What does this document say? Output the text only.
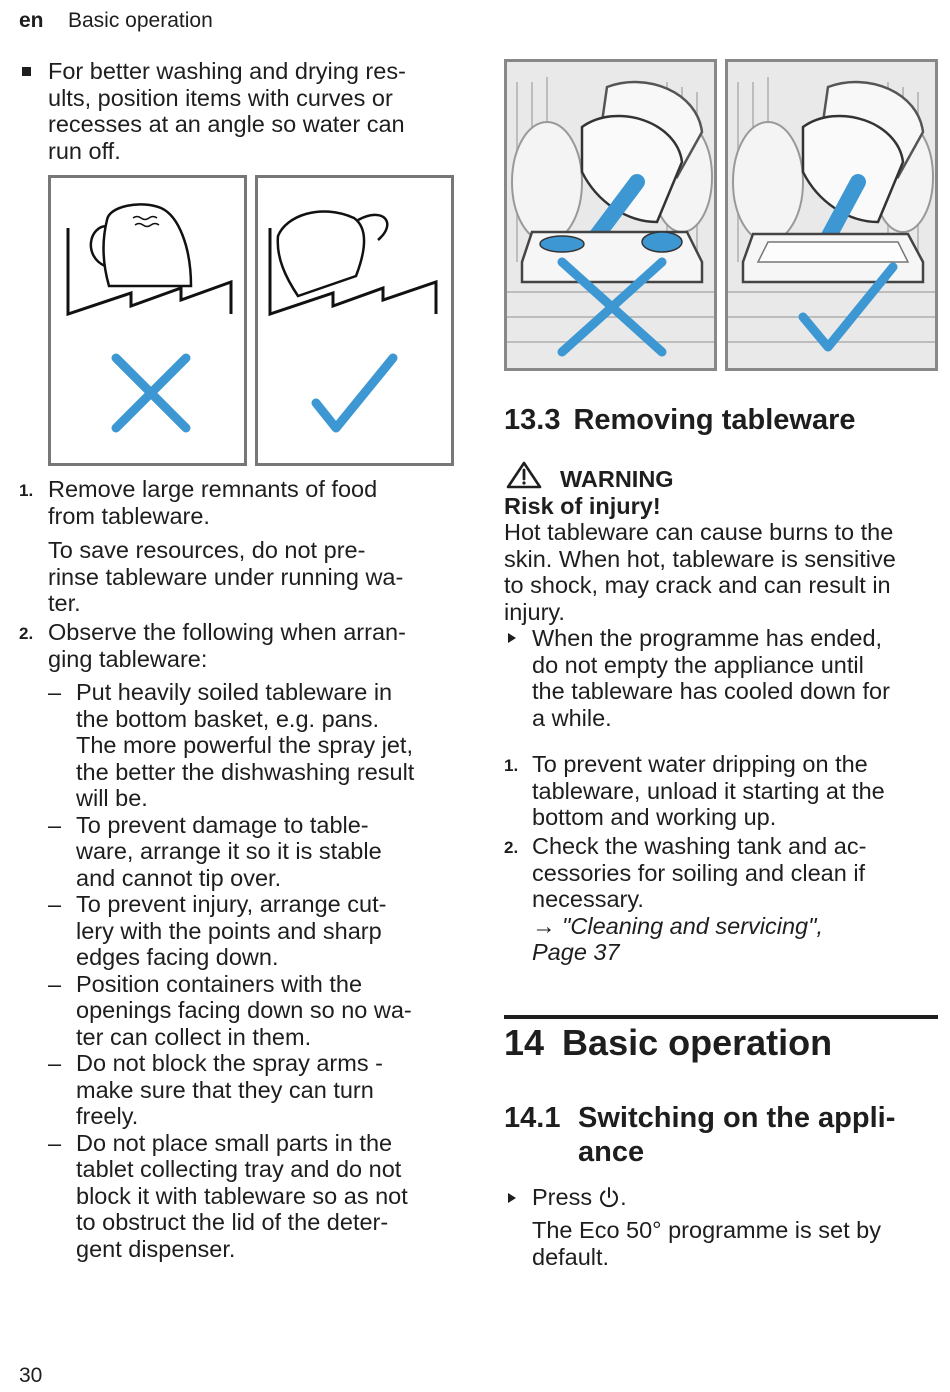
en Basic operation
For better washing and drying res-
ults, position items with curves or
recesses at an angle so water can
run off.
1. Remove large remnants of food
from tableware.
To save resources, do not pre-
rinse tableware under running wa-
ter.
2. Observe the following when arran-
ging tableware:
– Put heavily soiled tableware in
the bottom basket, e.g. pans.
The more powerful the spray jet,
the better the dishwashing result
will be.
– To prevent damage to table-
ware, arrange it so it is stable
and cannot tip over.
– To prevent injury, arrange cut-
lery with the points and sharp
edges facing down.
– Position containers with the
openings facing down so no wa-
ter can collect in them.
– Do not block the spray arms -
make sure that they can turn
freely.
– Do not place small parts in the
tablet collecting tray and do not
block it with tableware so as not
to obstruct the lid of the deter-
gent dispenser.
30
13.3 Removing tableware
WARNING
Risk of injury!
Hot tableware can cause burns to the
skin. When hot, tableware is sensitive
to shock, may crack and can result in
injury.
When the programme has ended,
do not empty the appliance until
the tableware has cooled down for
a while.
1. To prevent water dripping on the
tableware, unload it starting at the
bottom and working up.
2. Check the washing tank and ac-
cessories for soiling and clean if
necessary.
→ "Cleaning and servicing",
Page 37
14 Basic operation
14.1 Switching on the appli-
ance
Press .
The Eco 50° programme is set by
default.
